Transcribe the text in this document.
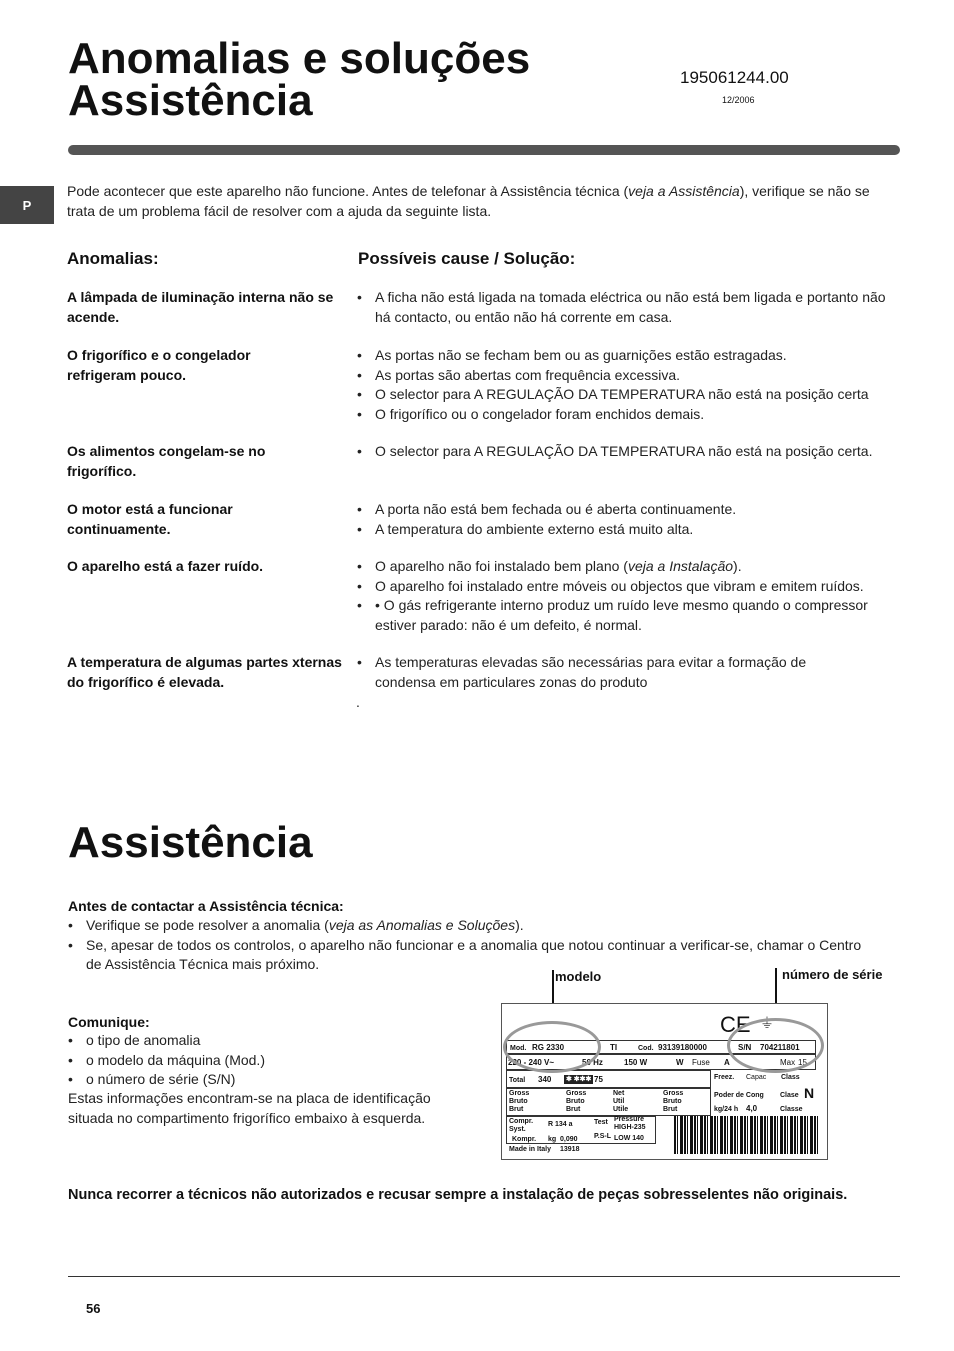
Anomalias e soluções
Assistência	195061244.00
12/2006
P
Pode acontecer que este aparelho não funcione. Antes de telefonar à Assistência técnica (veja a Assistência), verifique se não se trata de um problema fácil de resolver com a ajuda da seguinte lista.
Anomalias:	Possíveis cause / Solução:
A lâmpada de iluminação interna não se acende.
• A ficha não está ligada na tomada eléctrica ou não está bem ligada e portanto não há contacto, ou então não há corrente em casa.
O frigorífico e o congelador refrigeram pouco.
• As portas não se fecham bem ou as guarnições estão estragadas.
• As portas são abertas com frequência excessiva.
• O selector para A REGULAÇÃO DA TEMPERATURA não está na posição certa
• O frigorífico ou o congelador foram enchidos demais.
Os alimentos congelam-se no frigorífico.
• O selector para A REGULAÇÃO DA TEMPERATURA não está na posição certa.
O motor está a funcionar continuamente.
• A porta não está bem fechada ou é aberta continuamente.
• A temperatura do ambiente externo está muito alta.
O aparelho está a fazer ruído.
•	O aparelho não foi instalado bem plano (veja a Instalação).
• O aparelho foi instalado entre móveis ou objectos que vibram e emitem ruídos.
• • O gás refrigerante interno produz um ruído leve mesmo quando o compressor estiver parado: não é um defeito, é normal.
A temperatura de algumas partes xternas do frigorífico é elevada.
• As temperaturas elevadas são necessárias para evitar a formação de condensa em particulares zonas do produto
.
Assistência
Antes de contactar a Assistência técnica:
• Verifique se pode resolver a anomalia (veja as Anomalias e Soluções).
• Se, apesar de todos os controlos, o aparelho não funcionar e a anomalia que notou continuar a verificar-se, chamar o Centro de Assistência Técnica mais próximo.
Comunique:
• o tipo de anomalia
• o modelo da máquina (Mod.)
• o número de série (S/N)
Estas informações encontram-se na placa de identificação situada no compartimento frigorífico embaixo à esquerda.
modelo	número de série
CE ⏚
Mod. RG 2330	TI	Cod. 93139180000	S/N 704211801
220 - 240 V~	50 Hz	150 W	W Fuse A	Max 15
Total 340 ✱ ✱✱✱ 75	Freez. Capac Class
Gross
Bruto
Brut
Gross
Bruto
Brut
Net
Util
Utile
Gross
Bruto
Brut
Poder de Cong Clase N
kg/24 h 4,0	Classe
Compr.
Syst.
R 134 a	Test Pressure
HIGH-235
Kompr. kg 0,090 P.S-L LOW 140
Made in Italy 13918
Nunca recorrer a técnicos não autorizados e recusar sempre a instalação de peças sobresselentes não originais.
56
